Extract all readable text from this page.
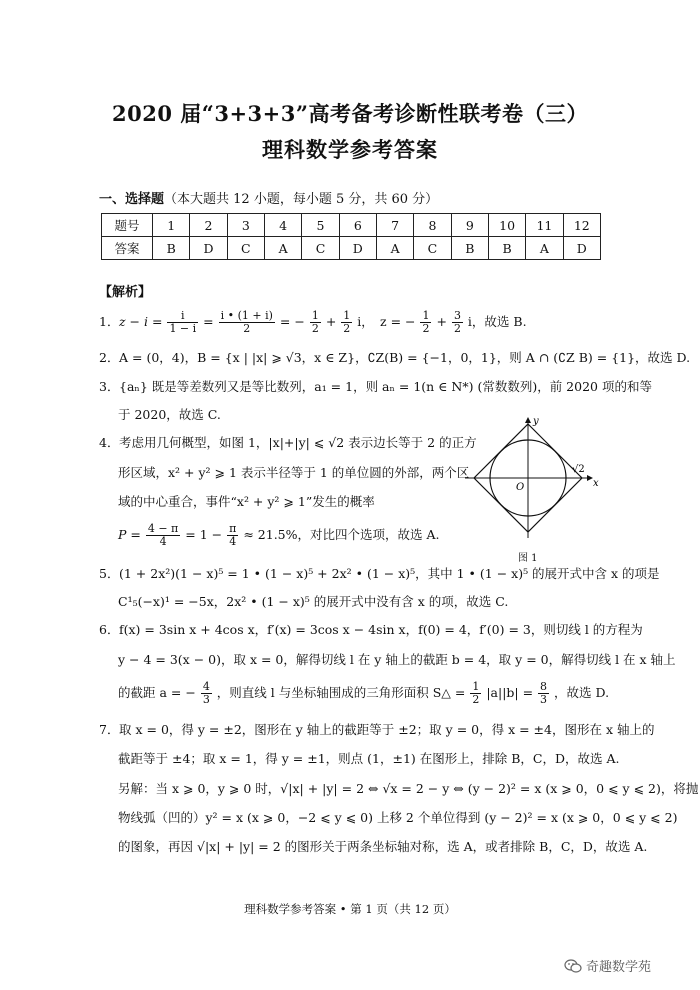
2020 届“3+3+3”高考备考诊断性联考卷（三）
理科数学参考答案
一、选择题（本大题共 12 小题，每小题 5 分，共 60 分）
题号	1	2	3	4	5	6	7	8	9	10	11	12
答案	B	D	C	A	C	D	A	C	B	B	A	D
【解析】
1．$z - i = \frac{i}{1 - i} = \frac{i • (1 + i)}{2}$ = − $\frac{1}{2} + \frac{1}{2}$ i，　z = − $\frac{1}{2} + \frac{3}{2}$ i，故选 B.
2．A = (0，4)，B = {x | |x| ⩾ √3，x ∈ Z}，∁Z(B) = {−1，0，1}，则 A ∩ (∁Z B) = {1}，故选 D.
3．{aₙ} 既是等差数列又是等比数列，a₁ = 1，则 aₙ = 1(n ∈ N*) (常数数列)，前 2020 项的和等
于 2020，故选 C.
4．考虑用几何概型，如图 1，|x|+|y| ⩽ √2 表示边长等于 2 的正方
形区域，x² + y² ⩾ 1 表示半径等于 1 的单位圆的外部，两个区
域的中心重合，事件“x² + y² ⩾ 1”发生的概率
$P = \frac{4 - \pi}{4} = 1 - \frac{\pi}{4} \approx 21.5\%$，对比四个选项，故选 A.
x
y
O
√2
图 1
5．(1 + 2x²)(1 − x)⁵ = 1 • (1 − x)⁵ + 2x² • (1 − x)⁵，其中 1 • (1 − x)⁵ 的展开式中含 x 的项是
C¹₅(−x)¹ = −5x，2x² • (1 − x)⁵ 的展开式中没有含 x 的项，故选 C.
6．f(x) = 3sin x + 4cos x，f′(x) = 3cos x − 4sin x，f(0) = 4，f′(0) = 3，则切线 l 的方程为
y − 4 = 3(x − 0)，取 x = 0，解得切线 l 在 y 轴上的截距 b = 4，取 y = 0，解得切线 l 在 x 轴上
的截距 a = − $\frac{4}{3}$ ，则直线 l 与坐标轴围成的三角形面积 S△ = $\frac{1}{2} |a||b| = \frac{8}{3}$ ，故选 D.
7．取 x = 0，得 y = ±2，图形在 y 轴上的截距等于 ±2；取 y = 0，得 x = ±4，图形在 x 轴上的
截距等于 ±4；取 x = 1，得 y = ±1，则点 (1，±1) 在图形上，排除 B，C，D，故选 A.
另解：当 x ⩾ 0，y ⩾ 0 时，√|x| + |y| = 2 ⇔ √x = 2 − y ⇔ (y − 2)² = x (x ⩾ 0，0 ⩽ y ⩽ 2)，将抛
物线弧（凹的）y² = x (x ⩾ 0，−2 ⩽ y ⩽ 0) 上移 2 个单位得到 (y − 2)² = x (x ⩾ 0，0 ⩽ y ⩽ 2)
的图象，再因 √|x| + |y| = 2 的图形关于两条坐标轴对称，选 A，或者排除 B，C，D，故选 A.
理科数学参考答案 • 第 1 页（共 12 页）
奇趣数学苑
